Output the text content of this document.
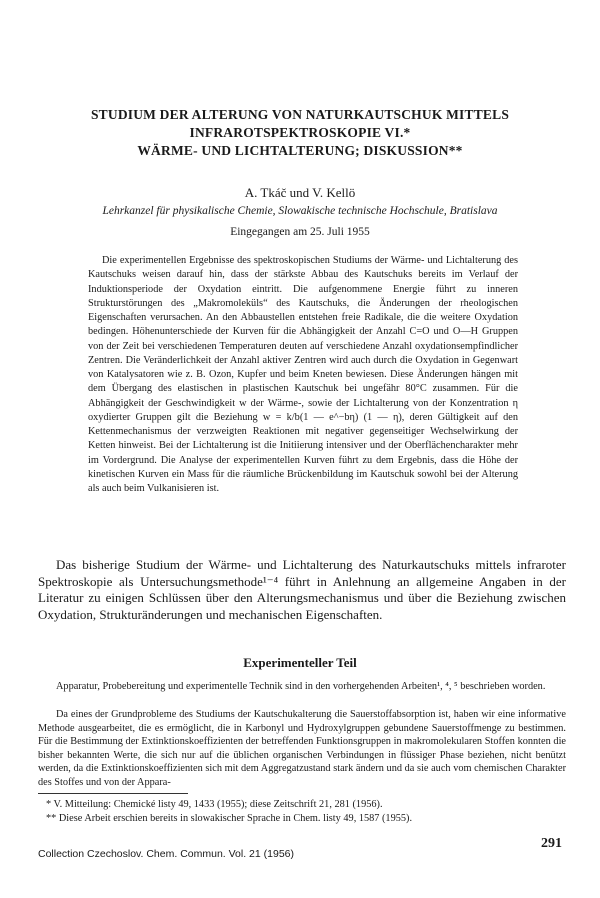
STUDIUM DER ALTERUNG VON NATURKAUTSCHUK MITTELS
INFRAROTSPEKTROSKOPIE VI.*
WÄRME- UND LICHTALTERUNG; DISKUSSION**
A. Tkáč und V. Kellö
Lehrkanzel für physikalische Chemie, Slowakische technische Hochschule, Bratislava
Eingegangen am 25. Juli 1955

Die experimentellen Ergebnisse des spektroskopischen Studiums der Wärme- und Lichtalterung des Kautschuks weisen darauf hin, dass der stärkste Abbau des Kautschuks bereits im Verlauf der Induktionsperiode der Oxydation eintritt. Die aufgenommene Energie führt zu inneren Strukturstörungen des „Makromoleküls“ des Kautschuks, die Änderungen der rheologischen Eigenschaften verursachen. An den Abbaustellen entstehen freie Radikale, die die weitere Oxydation bedingen. Höhenunterschiede der Kurven für die Abhängigkeit der Anzahl C=O und O—H Gruppen von der Zeit bei verschiedenen Temperaturen deuten auf verschiedene Anzahl oxydationsempfindlicher Zentren. Die Veränderlichkeit der Anzahl aktiver Zentren wird auch durch die Oxydation in Gegenwart von Katalysatoren wie z. B. Ozon, Kupfer und beim Kneten bewiesen. Diese Änderungen hängen mit dem Übergang des elastischen in plastischen Kautschuk bei ungefähr 80°C zusammen. Für die Abhängigkeit der Geschwindigkeit w der Wärme-, sowie der Lichtalterung von der Konzentration η oxydierter Gruppen gilt die Beziehung w = k/b(1 — e^−bη) (1 — η), deren Gültigkeit auf den Kettenmechanismus der verzweigten Reaktionen mit negativer gegenseitiger Wechselwirkung der Ketten hinweist. Bei der Lichtalterung ist die Initiierung intensiver und der Oberflächencharakter mehr im Vordergrund. Die Analyse der experimentellen Kurven führt zu dem Ergebnis, dass die Höhe der kinetischen Kurven ein Mass für die räumliche Brückenbildung im Kautschuk sowohl bei der Alterung als auch beim Vulkanisieren ist.

Das bisherige Studium der Wärme- und Lichtalterung des Naturkautschuks mittels infraroter Spektroskopie als Untersuchungsmethode¹⁻⁴ führt in Anlehnung an allgemeine Angaben in der Literatur zu einigen Schlüssen über den Alterungsmechanismus und über die Beziehung zwischen Oxydation, Strukturänderungen und mechanischen Eigenschaften.

Experimenteller Teil

Apparatur, Probebereitung und experimentelle Technik sind in den vorhergehenden Arbeiten¹, ⁴, ⁵ beschrieben worden.

Da eines der Grundprobleme des Studiums der Kautschukalterung die Sauerstoffabsorption ist, haben wir eine informative Methode ausgearbeitet, die es ermöglicht, die in Karbonyl und Hydroxylgruppen gebundene Sauerstoffmenge zu bestimmen. Für die Bestimmung der Extinktionskoeffizienten der betreffenden Funktionsgruppen in makromolekularen Stoffen konnten die bisher bekannten Werte, die sich nur auf die üblichen organischen Verbindungen in flüssiger Phase beziehen, nicht benützt werden, da die Extinktionskoeffizienten sich mit dem Aggregatzustand stark ändern und da sie auch vom chemischen Charakter des Stoffes und von der Appara-

* V. Mitteilung: Chemické listy 49, 1433 (1955); diese Zeitschrift 21, 281 (1956).
** Diese Arbeit erschien bereits in slowakischer Sprache in Chem. listy 49, 1587 (1955).
Collection Czechoslov. Chem. Commun. Vol. 21 (1956)
291
